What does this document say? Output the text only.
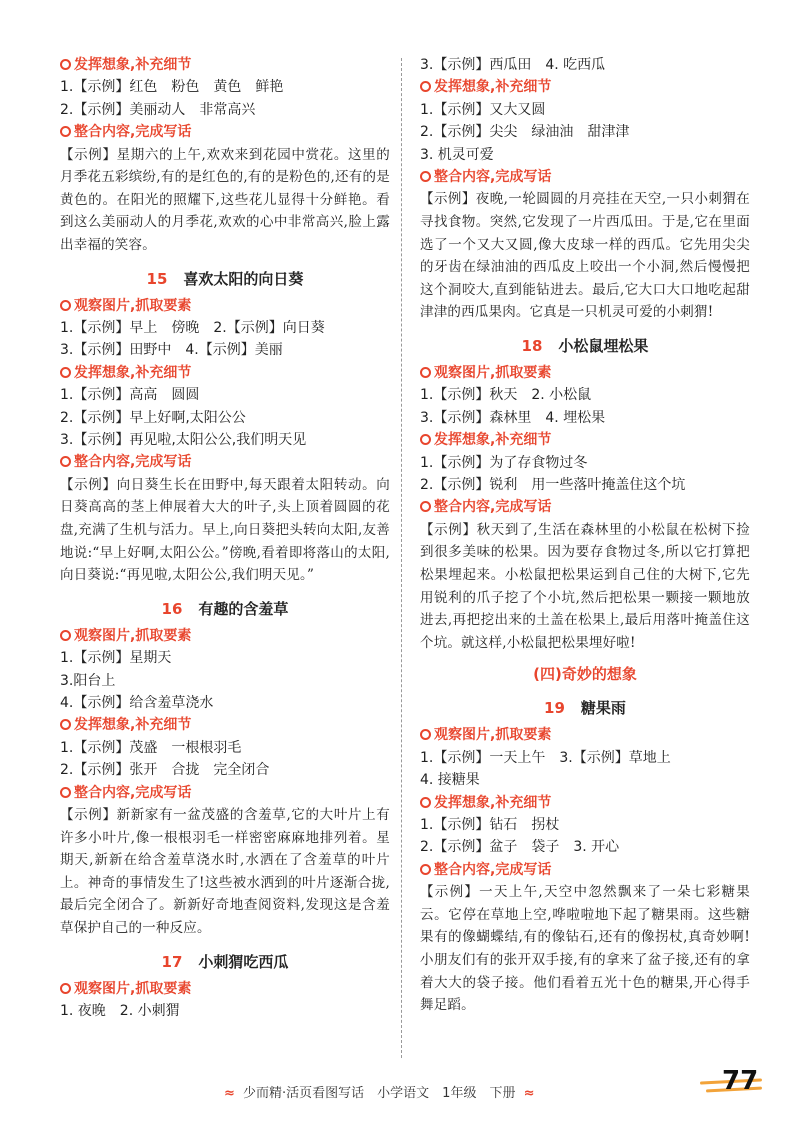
发挥想象,补充细节
1.【示例】红色　粉色　黄色　鲜艳
2.【示例】美丽动人　非常高兴
整合内容,完成写话
【示例】星期六的上午,欢欢来到花园中赏花。这里的月季花五彩缤纷,有的是红色的,有的是粉色的,还有的是黄色的。在阳光的照耀下,这些花儿显得十分鲜艳。看到这么美丽动人的月季花,欢欢的心中非常高兴,脸上露出幸福的笑容。
15 喜欢太阳的向日葵
观察图片,抓取要素
1.【示例】早上　傍晚　2.【示例】向日葵
3.【示例】田野中　4.【示例】美丽
发挥想象,补充细节
1.【示例】高高　圆圆
2.【示例】早上好啊,太阳公公
3.【示例】再见啦,太阳公公,我们明天见
整合内容,完成写话
【示例】向日葵生长在田野中,每天跟着太阳转动。向日葵高高的茎上伸展着大大的叶子,头上顶着圆圆的花盘,充满了生机与活力。早上,向日葵把头转向太阳,友善地说:“早上好啊,太阳公公。”傍晚,看着即将落山的太阳,向日葵说:“再见啦,太阳公公,我们明天见。”
16 有趣的含羞草
观察图片,抓取要素
1.【示例】星期天
3.阳台上
4.【示例】给含羞草浇水
发挥想象,补充细节
1.【示例】茂盛　一根根羽毛
2.【示例】张开　合拢　完全闭合
整合内容,完成写话
【示例】新新家有一盆茂盛的含羞草,它的大叶片上有许多小叶片,像一根根羽毛一样密密麻麻地排列着。星期天,新新在给含羞草浇水时,水洒在了含羞草的叶片上。神奇的事情发生了!这些被水洒到的叶片逐渐合拢,最后完全闭合了。新新好奇地查阅资料,发现这是含羞草保护自己的一种反应。
17 小刺猬吃西瓜
观察图片,抓取要素
1. 夜晚　2. 小刺猬
3.【示例】西瓜田　4. 吃西瓜
发挥想象,补充细节
1.【示例】又大又圆
2.【示例】尖尖　绿油油　甜津津
3. 机灵可爱
整合内容,完成写话
【示例】夜晚,一轮圆圆的月亮挂在天空,一只小刺猬在寻找食物。突然,它发现了一片西瓜田。于是,它在里面选了一个又大又圆,像大皮球一样的西瓜。它先用尖尖的牙齿在绿油油的西瓜皮上咬出一个小洞,然后慢慢把这个洞咬大,直到能钻进去。最后,它大口大口地吃起甜津津的西瓜果肉。它真是一只机灵可爱的小刺猬!
18 小松鼠埋松果
观察图片,抓取要素
1.【示例】秋天　2. 小松鼠
3.【示例】森林里　4. 埋松果
发挥想象,补充细节
1.【示例】为了存食物过冬
2.【示例】锐利　用一些落叶掩盖住这个坑
整合内容,完成写话
【示例】秋天到了,生活在森林里的小松鼠在松树下捡到很多美味的松果。因为要存食物过冬,所以它打算把松果埋起来。小松鼠把松果运到自己住的大树下,它先用锐利的爪子挖了个小坑,然后把松果一颗接一颗地放进去,再把挖出来的土盖在松果上,最后用落叶掩盖住这个坑。就这样,小松鼠把松果埋好啦!
(四)奇妙的想象
19 糖果雨
观察图片,抓取要素
1.【示例】一天上午　3.【示例】草地上
4. 接糖果
发挥想象,补充细节
1.【示例】钻石　拐杖
2.【示例】盆子　袋子　3. 开心
整合内容,完成写话
【示例】一天上午,天空中忽然飘来了一朵七彩糖果云。它停在草地上空,哗啦啦地下起了糖果雨。这些糖果有的像蝴蝶结,有的像钻石,还有的像拐杖,真奇妙啊!小朋友们有的张开双手接,有的拿来了盆子接,还有的拿着大大的袋子接。他们看着五光十色的糖果,开心得手舞足蹈。
≈ 少而精·活页看图写话　小学语文　1年级　下册 ≈	77
